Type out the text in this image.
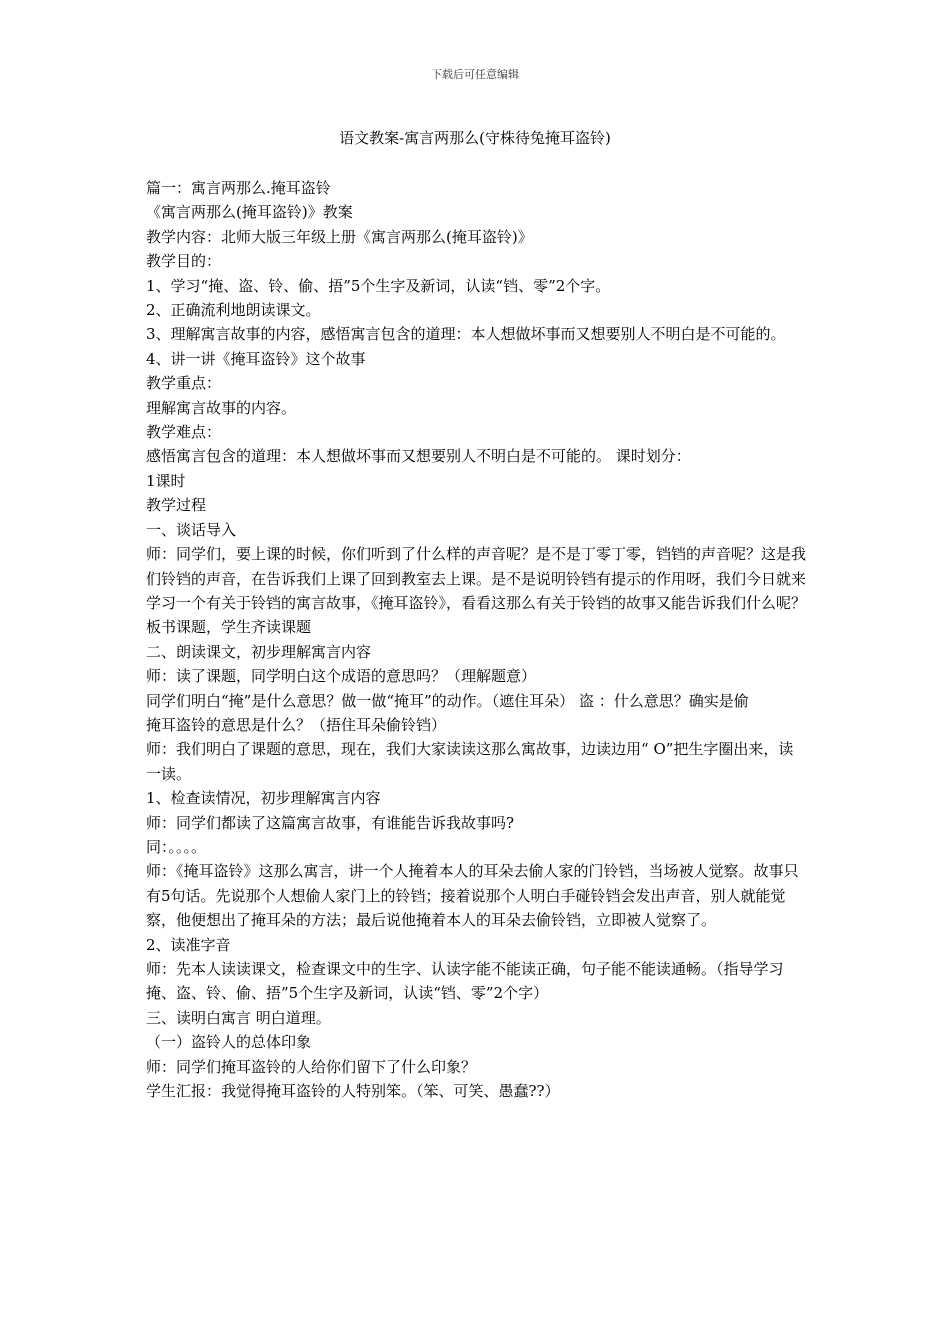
下载后可任意编辑
语文教案-寓言两那么(守株待兔掩耳盗铃)

篇一：寓言两那么.掩耳盗铃

《寓言两那么(掩耳盗铃)》教案

教学内容：北师大版三年级上册《寓言两那么(掩耳盗铃)》

教学目的：

1、学习“掩、盗、铃、偷、捂”5个生字及新词，认读“铛、零”2个字。

2、正确流利地朗读课文。

3、理解寓言故事的内容，感悟寓言包含的道理：本人想做坏事而又想要别人不明白是不可能的。

4、讲一讲《掩耳盗铃》这个故事

教学重点：

理解寓言故事的内容。

教学难点：

感悟寓言包含的道理：本人想做坏事而又想要别人不明白是不可能的。 课时划分：

1课时

教学过程

一、谈话导入

师：同学们，要上课的时候，你们听到了什么样的声音呢？是不是丁零丁零，铛铛的声音呢？这是我们铃铛的声音，在告诉我们上课了回到教室去上课。是不是说明铃铛有提示的作用呀，我们今日就来学习一个有关于铃铛的寓言故事，《掩耳盗铃》，看看这那么有关于铃铛的故事又能告诉我们什么呢？

板书课题，学生齐读课题

二、朗读课文，初步理解寓言内容

师：读了课题，同学明白这个成语的意思吗？（理解题意）

同学们明白“掩”是什么意思？做一做“掩耳”的动作。（遮住耳朵） 盗 ：什么意思？确实是偷

掩耳盗铃的意思是什么？（捂住耳朵偷铃铛）

师：我们明白了课题的意思，现在，我们大家读读这那么寓故事，边读边用“ O”把生字圈出来，读一读。

1、检查读情况，初步理解寓言内容

师：同学们都读了这篇寓言故事，有谁能告诉我故事吗?

同：。。。。

师：《掩耳盗铃》这那么寓言，讲一个人掩着本人的耳朵去偷人家的门铃铛，当场被人觉察。故事只有5句话。先说那个人想偷人家门上的铃铛；接着说那个人明白手碰铃铛会发出声音，别人就能觉察，他便想出了掩耳朵的方法；最后说他掩着本人的耳朵去偷铃铛，立即被人觉察了。

2、读准字音

师：先本人读读课文，检查课文中的生字、认读字能不能读正确，句子能不能读通畅。（指导学习掩、盗、铃、偷、捂”5个生字及新词，认读“铛、零”2个字）

三、读明白寓言 明白道理。

（一）盗铃人的总体印象

师：同学们掩耳盗铃的人给你们留下了什么印象？

学生汇报：我觉得掩耳盗铃的人特别笨。（笨、可笑、愚蠢??）
